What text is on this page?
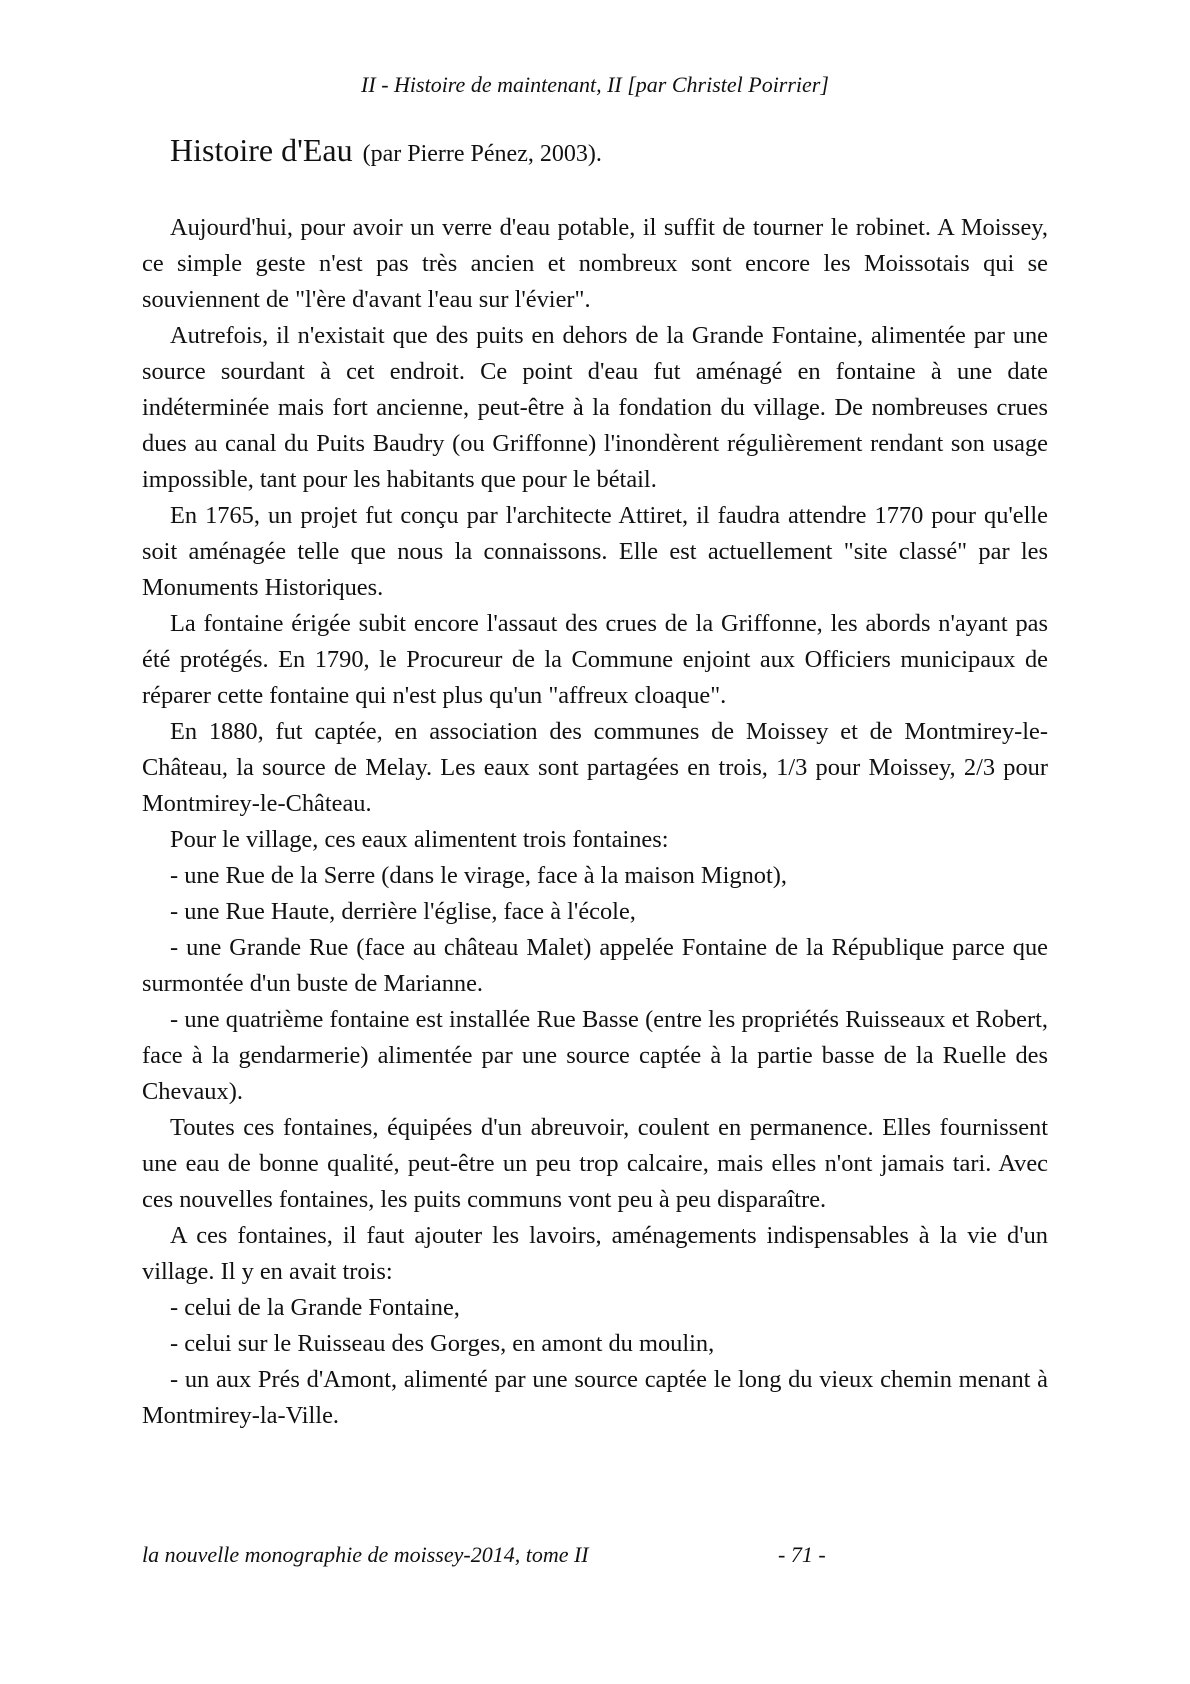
II - Histoire de maintenant, II [par Christel Poirrier]
Histoire d'Eau (par Pierre Pénez, 2003).

Aujourd'hui, pour avoir un verre d'eau potable, il suffit de tourner le robinet. A Moissey, ce simple geste n'est pas très ancien et nombreux sont encore les Moissotais qui se souviennent de "l'ère d'avant l'eau sur l'évier".

Autrefois, il n'existait que des puits en dehors de la Grande Fontaine, alimentée par une source sourdant à cet endroit. Ce point d'eau fut aménagé en fontaine à une date indéterminée mais fort ancienne, peut-être à la fondation du village. De nombreuses crues dues au canal du Puits Baudry (ou Griffonne) l'inondèrent régulièrement rendant son usage impossible, tant pour les habitants que pour le bétail.

En 1765, un projet fut conçu par l'architecte Attiret, il faudra attendre 1770 pour qu'elle soit aménagée telle que nous la connaissons. Elle est actuellement "site classé" par les Monuments Historiques.

La fontaine érigée subit encore l'assaut des crues de la Griffonne, les abords n'ayant pas été protégés. En 1790, le Procureur de la Commune enjoint aux Officiers municipaux de réparer cette fontaine qui n'est plus qu'un "affreux cloaque".

En 1880, fut captée, en association des communes de Moissey et de Montmirey-le-Château, la source de Melay. Les eaux sont partagées en trois, 1/3 pour Moissey, 2/3 pour Montmirey-le-Château.

Pour le village, ces eaux alimentent trois fontaines:

- une Rue de la Serre (dans le virage, face à la maison Mignot),

- une Rue Haute, derrière l'église, face à l'école,

- une Grande Rue (face au château Malet) appelée Fontaine de la République parce que surmontée d'un buste de Marianne.

- une quatrième fontaine est installée Rue Basse (entre les propriétés Ruisseaux et Robert, face à la gendarmerie) alimentée par une source captée à la partie basse de la Ruelle des Chevaux).

Toutes ces fontaines, équipées d'un abreuvoir, coulent en permanence. Elles fournissent une eau de bonne qualité, peut-être un peu trop calcaire, mais elles n'ont jamais tari. Avec ces nouvelles fontaines, les puits communs vont peu à peu disparaître.

A ces fontaines, il faut ajouter les lavoirs, aménagements indispensables à la vie d'un village. Il y en avait trois:

- celui de la Grande Fontaine,

- celui sur le Ruisseau des Gorges, en amont du moulin,

- un aux Prés d'Amont, alimenté par une source captée le long du vieux chemin menant à Montmirey-la-Ville.

la nouvelle monographie de moissey-2014, tome II	- 71 -
